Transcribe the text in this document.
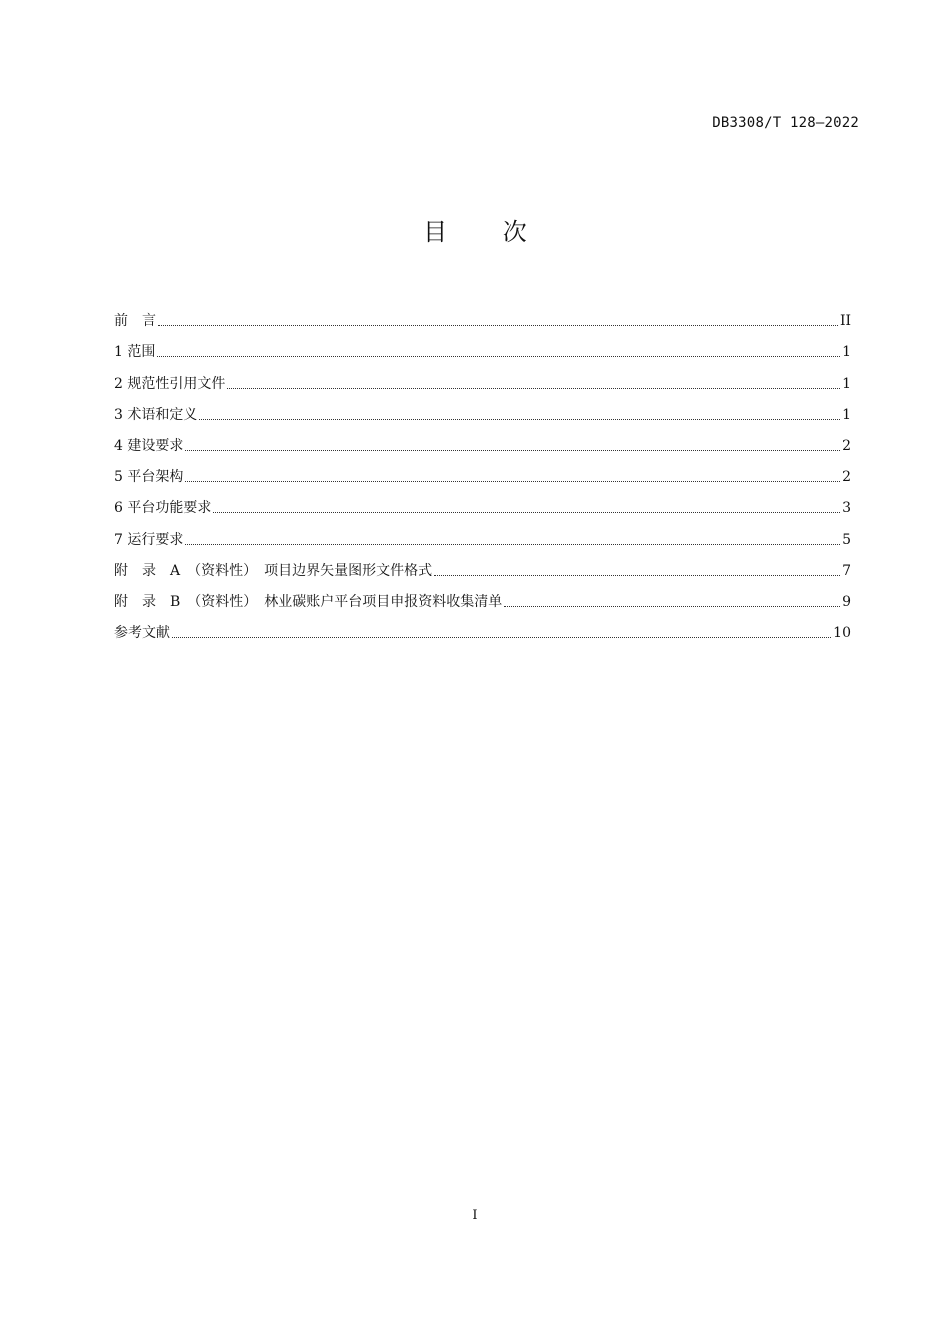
DB3308/T 128—2022
目 次
前　言	II
1 范围	1
2 规范性引用文件	1
3 术语和定义	1
4 建设要求	2
5 平台架构	2
6 平台功能要求	3
7 运行要求	5
附　录　A　（资料性）　项目边界矢量图形文件格式	7
附　录　B　（资料性）　林业碳账户平台项目申报资料收集清单	9
参考文献	10
I
